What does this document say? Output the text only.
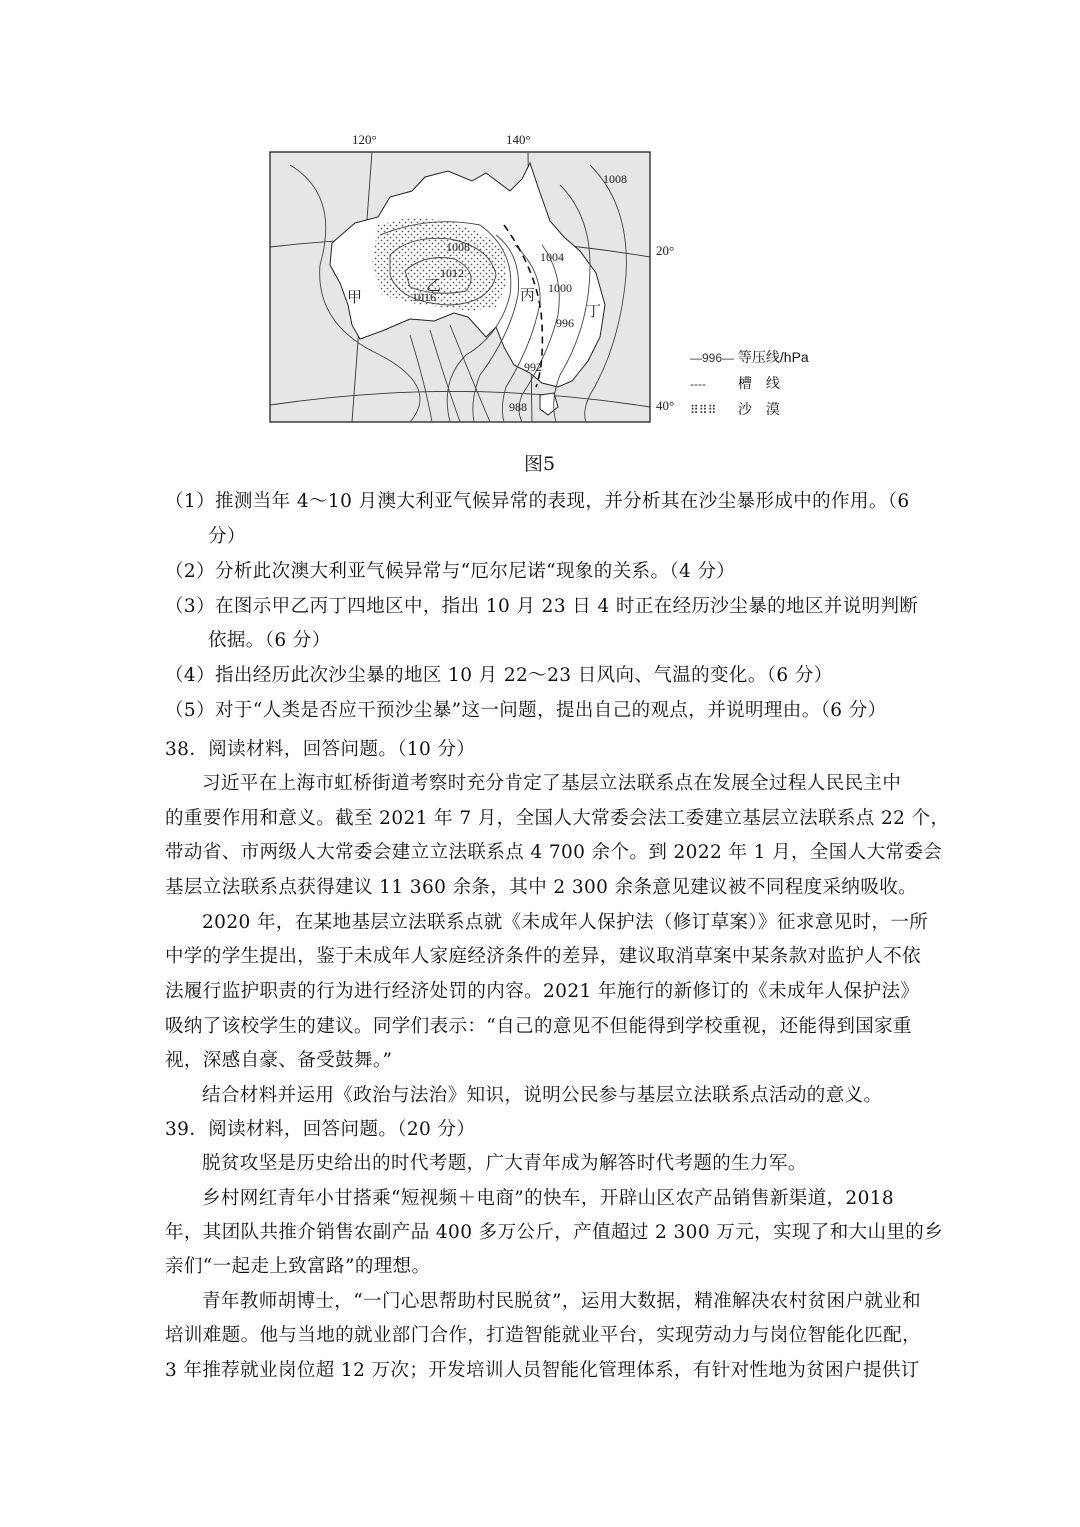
120°	140°
20°
40°
1008
1008
1012
1016
1004
1000
996
992
988
甲
乙
丙
丁
—996— 等压线/hPa
---- 槽　线
⠿⠿⠿ 沙　漠
图5
（1）推测当年 4～10 月澳大利亚气候异常的表现，并分析其在沙尘暴形成中的作用。（6
分）
（2）分析此次澳大利亚气候异常与“厄尔尼诺“现象的关系。（4 分）
（3）在图示甲乙丙丁四地区中，指出 10 月 23 日 4 时正在经历沙尘暴的地区并说明判断
依据。（6 分）
（4）指出经历此次沙尘暴的地区 10 月 22～23 日风向、气温的变化。（6 分）
（5）对于“人类是否应干预沙尘暴”这一问题，提出自己的观点，并说明理由。（6 分）
38．阅读材料，回答问题。（10 分）
习近平在上海市虹桥街道考察时充分肯定了基层立法联系点在发展全过程人民民主中
的重要作用和意义。截至 2021 年 7 月，全国人大常委会法工委建立基层立法联系点 22 个，
带动省、市两级人大常委会建立立法联系点 4 700 余个。到 2022 年 1 月，全国人大常委会
基层立法联系点获得建议 11 360 余条，其中 2 300 余条意见建议被不同程度采纳吸收。
2020 年，在某地基层立法联系点就《未成年人保护法（修订草案）》征求意见时，一所
中学的学生提出，鉴于未成年人家庭经济条件的差异，建议取消草案中某条款对监护人不依
法履行监护职责的行为进行经济处罚的内容。2021 年施行的新修订的《未成年人保护法》
吸纳了该校学生的建议。同学们表示：“自己的意见不但能得到学校重视，还能得到国家重
视，深感自豪、备受鼓舞。”
结合材料并运用《政治与法治》知识，说明公民参与基层立法联系点活动的意义。
39．阅读材料，回答问题。（20 分）
脱贫攻坚是历史给出的时代考题，广大青年成为解答时代考题的生力军。
乡村网红青年小甘搭乘“短视频＋电商”的快车，开辟山区农产品销售新渠道，2018
年，其团队共推介销售农副产品 400 多万公斤，产值超过 2 300 万元，实现了和大山里的乡
亲们“一起走上致富路”的理想。
青年教师胡博士，“一门心思帮助村民脱贫”，运用大数据，精准解决农村贫困户就业和
培训难题。他与当地的就业部门合作，打造智能就业平台，实现劳动力与岗位智能化匹配，
3 年推荐就业岗位超 12 万次；开发培训人员智能化管理体系，有针对性地为贫困户提供订
